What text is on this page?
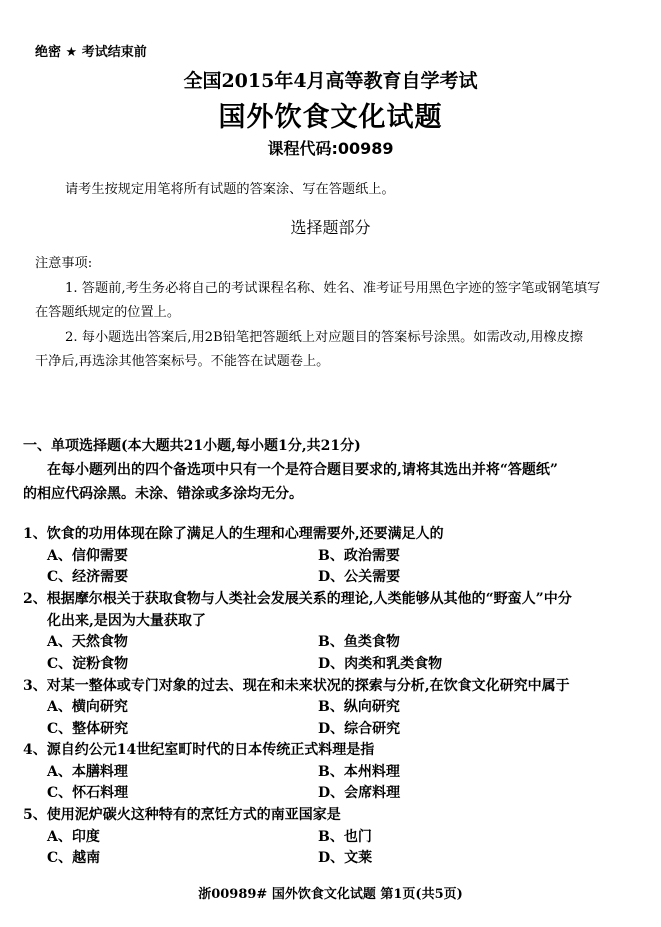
绝密 ★ 考试结束前
全国2015年4月高等教育自学考试
国外饮食文化试题
课程代码:00989
请考生按规定用笔将所有试题的答案涂、写在答题纸上。
选择题部分
注意事项:
1. 答题前,考生务必将自己的考试课程名称、姓名、准考证号用黑色字迹的签字笔或钢笔填写
在答题纸规定的位置上。
2. 每小题选出答案后,用2B铅笔把答题纸上对应题目的答案标号涂黑。如需改动,用橡皮擦
干净后,再选涂其他答案标号。不能答在试题卷上。
一、单项选择题(本大题共21小题,每小题1分,共21分)
在每小题列出的四个备选项中只有一个是符合题目要求的,请将其选出并将“答题纸”
的相应代码涂黑。未涂、错涂或多涂均无分。
1、饮食的功用体现在除了满足人的生理和心理需要外,还要满足人的
A、信仰需要	B、政治需要
C、经济需要	D、公关需要
2、根据摩尔根关于获取食物与人类社会发展关系的理论,人类能够从其他的“野蛮人”中分
化出来,是因为大量获取了
A、天然食物	B、鱼类食物
C、淀粉食物	D、肉类和乳类食物
3、对某一整体或专门对象的过去、现在和未来状况的探索与分析,在饮食文化研究中属于
A、横向研究	B、纵向研究
C、整体研究	D、综合研究
4、源自约公元14世纪室町时代的日本传统正式料理是指
A、本膳料理	B、本州料理
C、怀石料理	D、会席料理
5、使用泥炉碳火这种特有的烹饪方式的南亚国家是
A、印度	B、也门
C、越南	D、文莱
浙00989# 国外饮食文化试题 第1页(共5页)
